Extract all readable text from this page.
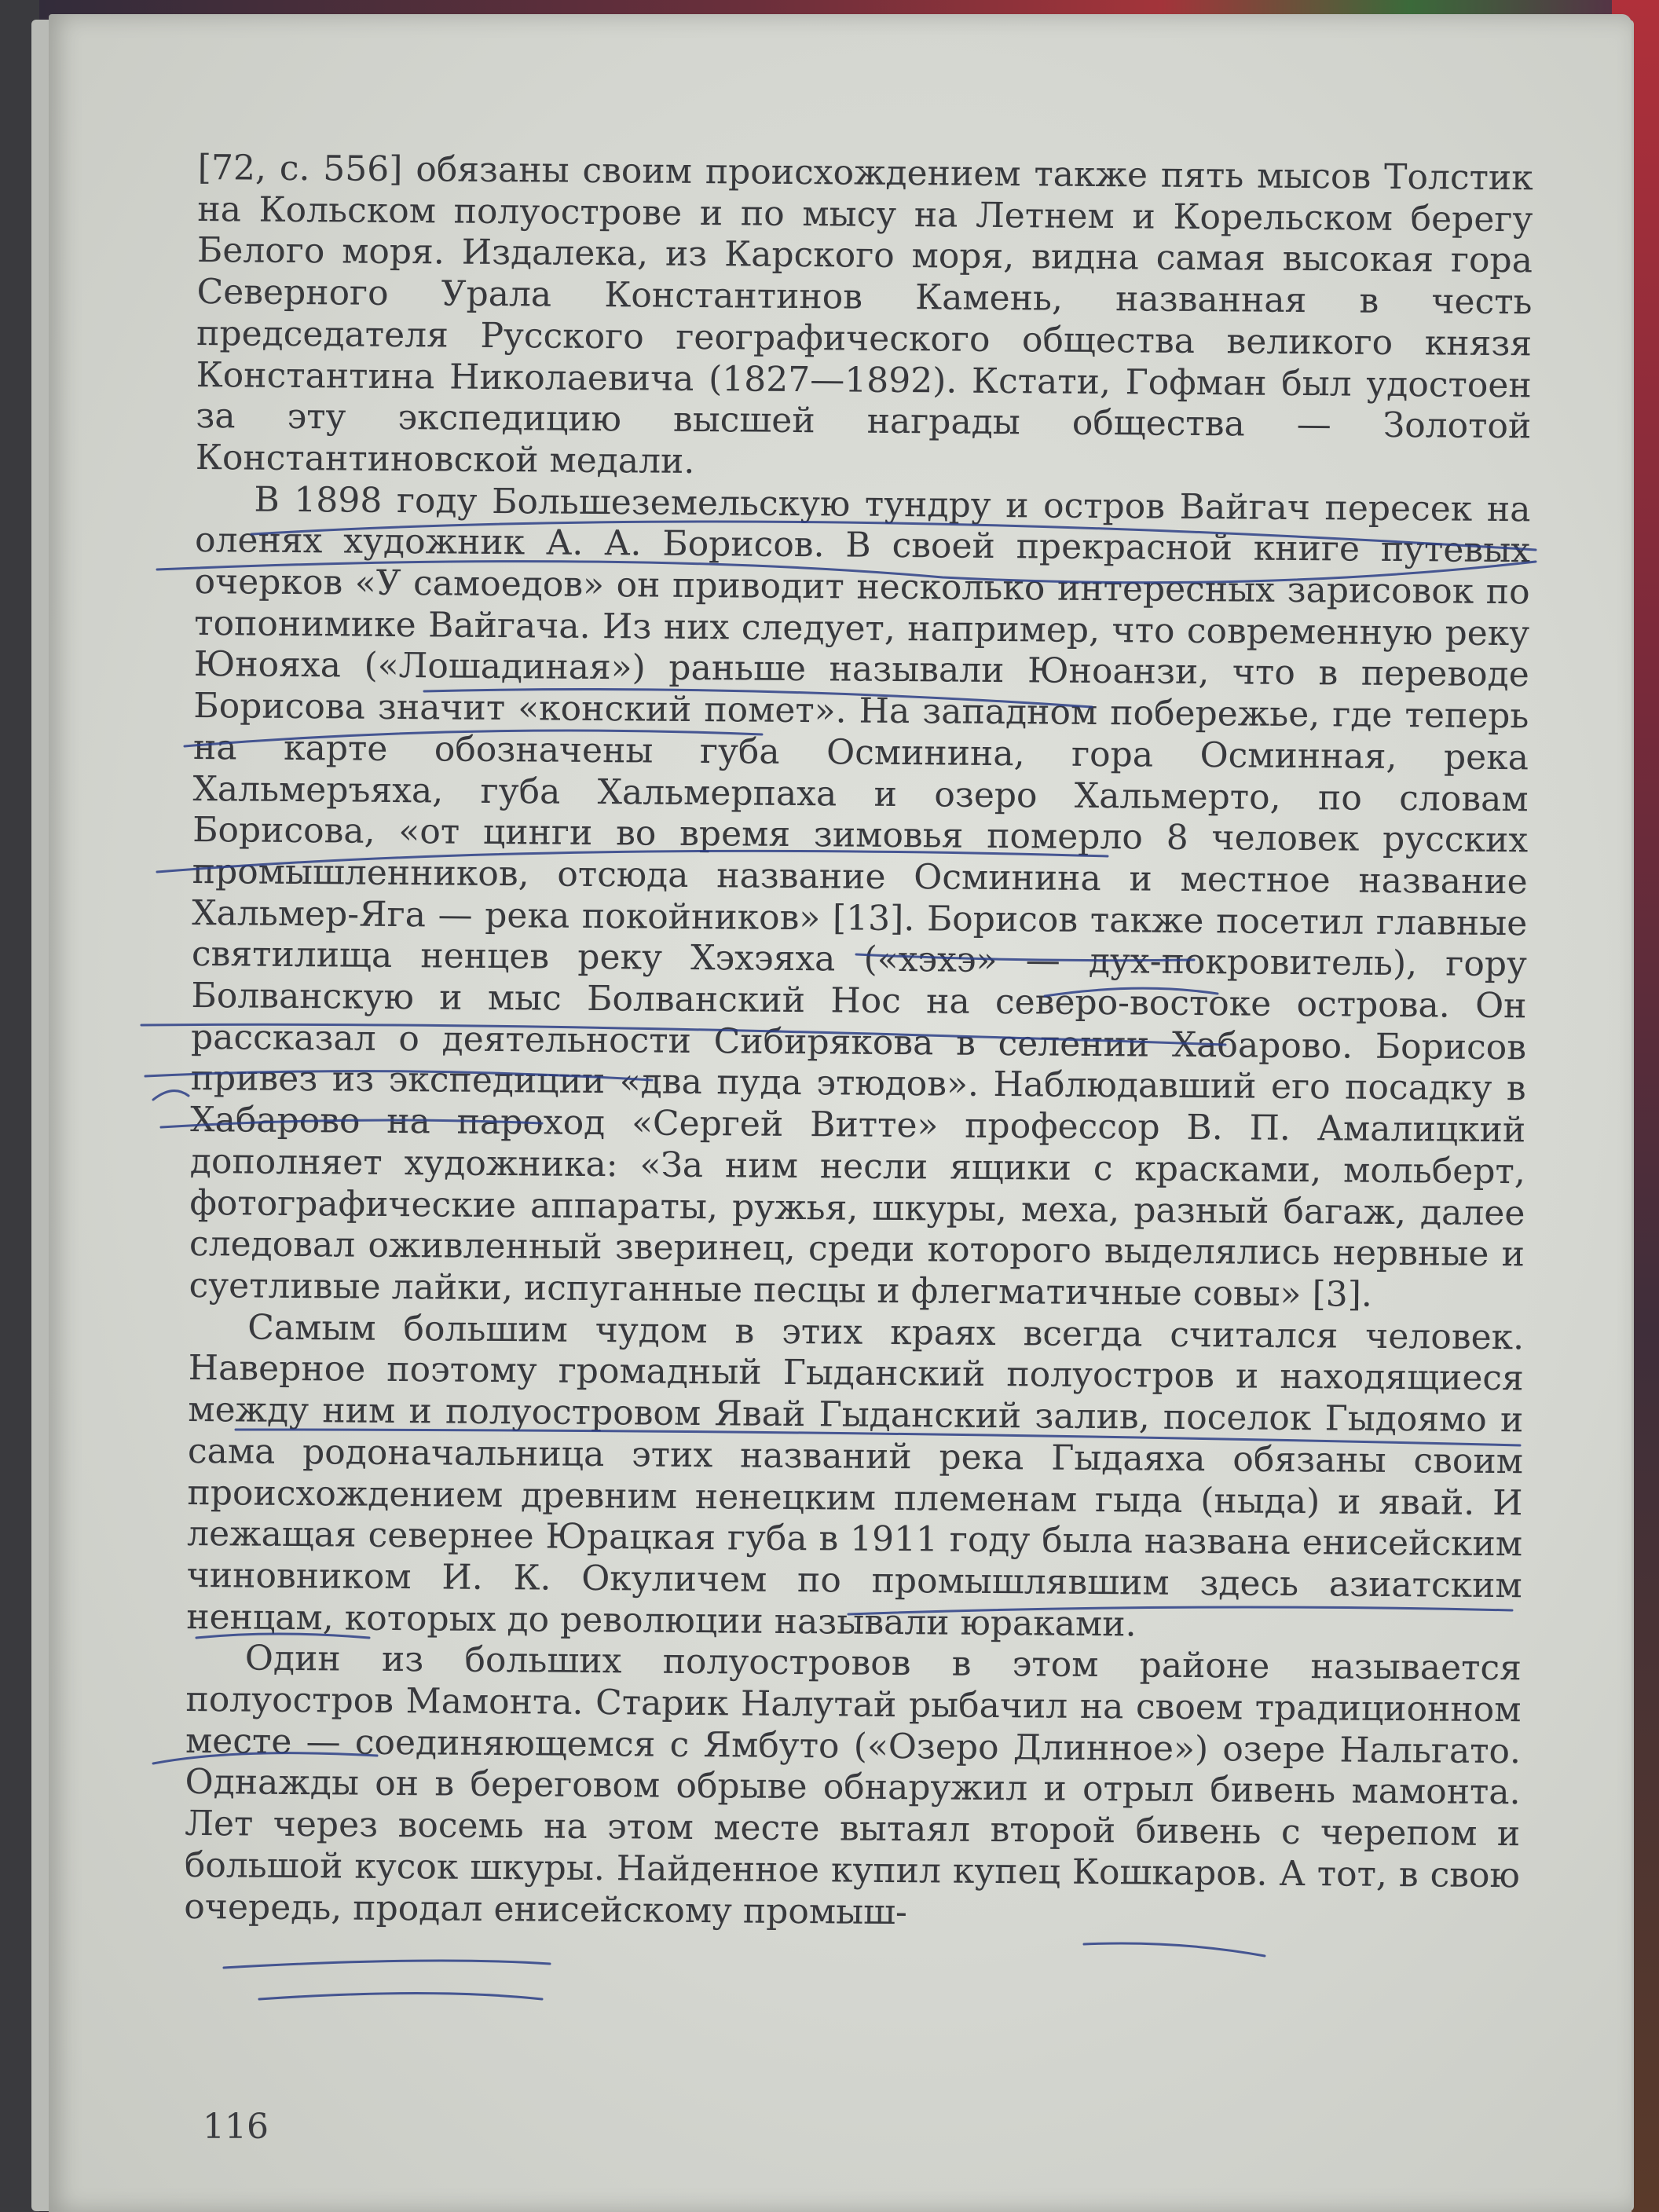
[72, с. 556] обязаны своим происхождением также пять мысов Толстик на Кольском полуострове и по мысу на Летнем и Корельском берегу Белого моря. Издалека, из Карского моря, видна самая высокая гора Северного Урала Константинов Камень, названная в честь председателя Русского географического общества великого князя Константина Николаевича (1827—1892). Кстати, Гофман был удостоен за эту экспедицию высшей награды общества — Золотой Константиновской медали.

В 1898 году Большеземельскую тундру и остров Вайгач пересек на оленях художник А. А. Борисов. В своей прекрасной книге путевых очерков «У самоедов» он приводит несколько интересных зарисовок по топонимике Вайгача. Из них следует, например, что современную реку Юнояха («Лошадиная») раньше называли Юноанзи, что в переводе Борисова значит «конский помет». На западном побережье, где теперь на карте обозначены губа Осминина, гора Осминная, река Хальмеръяха, губа Хальмерпаха и озеро Хальмерто, по словам Борисова, «от цинги во время зимовья померло 8 человек русских промышленников, отсюда название Осминина и местное название Хальмер-Яга — река покойников» [13]. Борисов также посетил главные святилища ненцев реку Хэхэяха («хэхэ» — дух-покровитель), гору Болванскую и мыс Болванский Нос на северо-востоке острова. Он рассказал о деятельности Сибирякова в селении Хабарово. Борисов привез из экспедиции «два пуда этюдов». Наблюдавший его посадку в Хабарово на пароход «Сергей Витте» профессор В. П. Амалицкий дополняет художника: «За ним несли ящики с красками, мольберт, фотографические аппараты, ружья, шкуры, меха, разный багаж, далее следовал оживленный зверинец, среди которого выделялись нервные и суетливые лайки, испуганные песцы и флегматичные совы» [3].

Самым большим чудом в этих краях всегда считался человек. Наверное поэтому громадный Гыданский полуостров и находящиеся между ним и полуостровом Явай Гыданский залив, поселок Гыдоямо и сама родоначальница этих названий река Гыдаяха обязаны своим происхождением древним ненецким племенам гыда (ныда) и явай. И лежащая севернее Юрацкая губа в 1911 году была названа енисейским чиновником И. К. Окуличем по промышлявшим здесь азиатским ненцам, которых до революции называли юраками.

Один из больших полуостровов в этом районе называется полуостров Мамонта. Старик Налутай рыбачил на своем традиционном месте — соединяющемся с Ямбуто («Озеро Длинное») озере Нальгато. Однажды он в береговом обрыве обнаружил и отрыл бивень мамонта. Лет через восемь на этом месте вытаял второй бивень с черепом и большой кусок шкуры. Найденное купил купец Кошкаров. А тот, в свою очередь, продал енисейскому промыш-

116
